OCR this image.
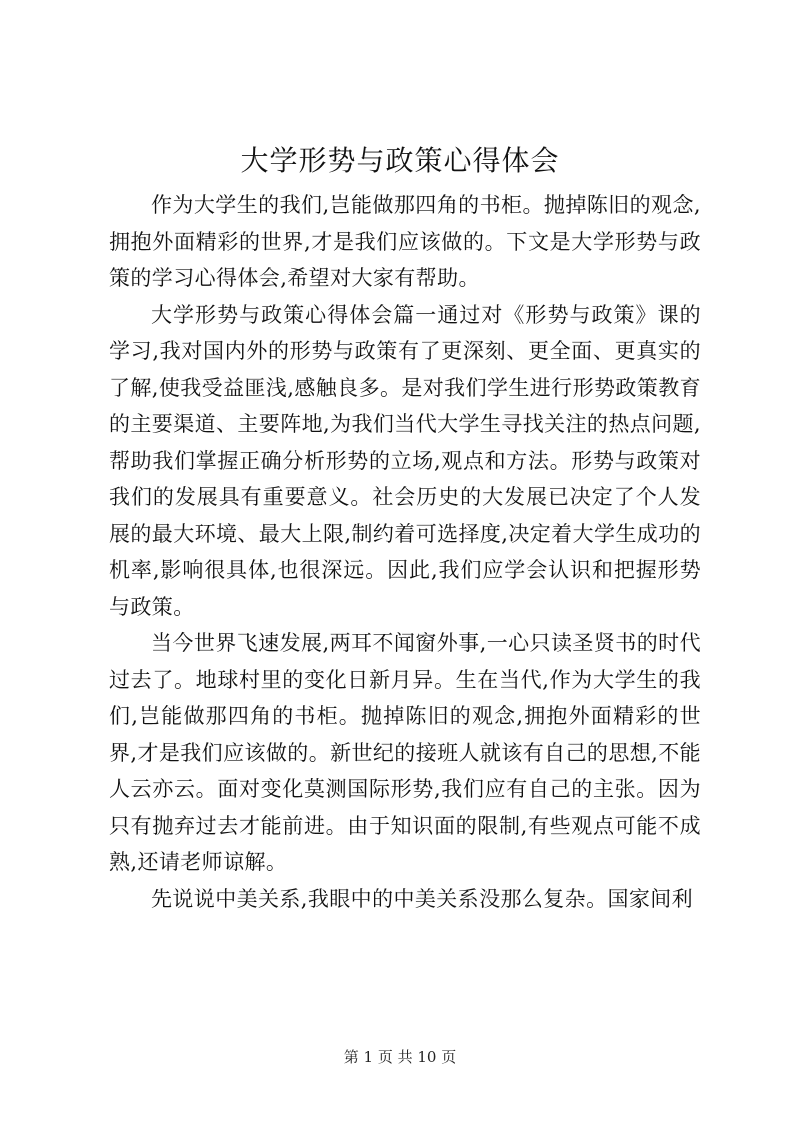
大学形势与政策心得体会

作为大学生的我们,岂能做那四角的书柜。抛掉陈旧的观念,拥抱外面精彩的世界,才是我们应该做的。下文是大学形势与政策的学习心得体会,希望对大家有帮助。

大学形势与政策心得体会篇一通过对《形势与政策》课的学习,我对国内外的形势与政策有了更深刻、更全面、更真实的了解,使我受益匪浅,感触良多。是对我们学生进行形势政策教育的主要渠道、主要阵地,为我们当代大学生寻找关注的热点问题,帮助我们掌握正确分析形势的立场,观点和方法。形势与政策对我们的发展具有重要意义。社会历史的大发展已决定了个人发展的最大环境、最大上限,制约着可选择度,决定着大学生成功的机率,影响很具体,也很深远。因此,我们应学会认识和把握形势与政策。

当今世界飞速发展,两耳不闻窗外事,一心只读圣贤书的时代过去了。地球村里的变化日新月异。生在当代,作为大学生的我们,岂能做那四角的书柜。抛掉陈旧的观念,拥抱外面精彩的世界,才是我们应该做的。新世纪的接班人就该有自己的思想,不能人云亦云。面对变化莫测国际形势,我们应有自己的主张。因为只有抛弃过去才能前进。由于知识面的限制,有些观点可能不成熟,还请老师谅解。

先说说中美关系,我眼中的中美关系没那么复杂。国家间利

第 1 页 共 10 页
